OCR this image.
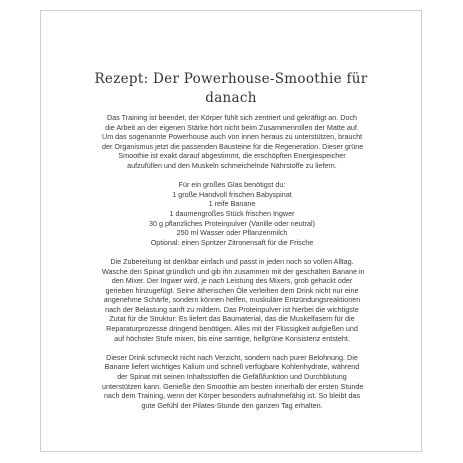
Rezept: Der Powerhouse-Smoothie für
danach
Das Training ist beendet, der Körper fühlt sich zentriert und gekräftigt an. Doch
die Arbeit an der eigenen Stärke hört nicht beim Zusammenrollen der Matte auf.
Um das sogenannte Powerhouse auch von innen heraus zu unterstützen, braucht
der Organismus jetzt die passenden Bausteine für die Regeneration. Dieser grüne
Smoothie ist exakt darauf abgestimmt, die erschöpften Energiespeicher
aufzufüllen und den Muskeln schmeichelnde Nährstoffe zu liefern.
Für ein großes Glas benötigst du:
1 große Handvoll frischen Babyspinat
1 reife Banane
1 daumengroßes Stück frischen Ingwer
30 g pflanzliches Proteinpulver (Vanille oder neutral)
250 ml Wasser oder Pflanzenmilch
Optional: einen Spritzer Zitronensaft für die Frische
Die Zubereitung ist denkbar einfach und passt in jeden noch so vollen Alltag.
Wasche den Spinat gründlich und gib ihn zusammen mit der geschälten Banane in
den Mixer. Der Ingwer wird, je nach Leistung des Mixers, grob gehackt oder
gerieben hinzugefügt. Seine ätherischen Öle verleihen dem Drink nicht nur eine
angenehme Schärfe, sondern können helfen, muskuläre Entzündungsreaktionen
nach der Belastung sanft zu mildern. Das Proteinpulver ist hierbei die wichtigste
Zutat für die Struktur: Es liefert das Baumaterial, das die Muskelfasern für die
Reparaturprozesse dringend benötigen. Alles mit der Flüssigkeit aufgießen und
auf höchster Stufe mixen, bis eine samtige, hellgrüne Konsistenz entsteht.
Dieser Drink schmeckt nicht nach Verzicht, sondern nach purer Belohnung. Die
Banane liefert wichtiges Kalium und schnell verfügbare Kohlenhydrate, während
der Spinat mit seinen Inhaltsstoffen die Gefäßfunktion und Durchblutung
unterstützen kann. Genieße den Smoothie am besten innerhalb der ersten Stunde
nach dem Training, wenn der Körper besonders aufnahmefähig ist. So bleibt das
gute Gefühl der Pilates-Stunde den ganzen Tag erhalten.
